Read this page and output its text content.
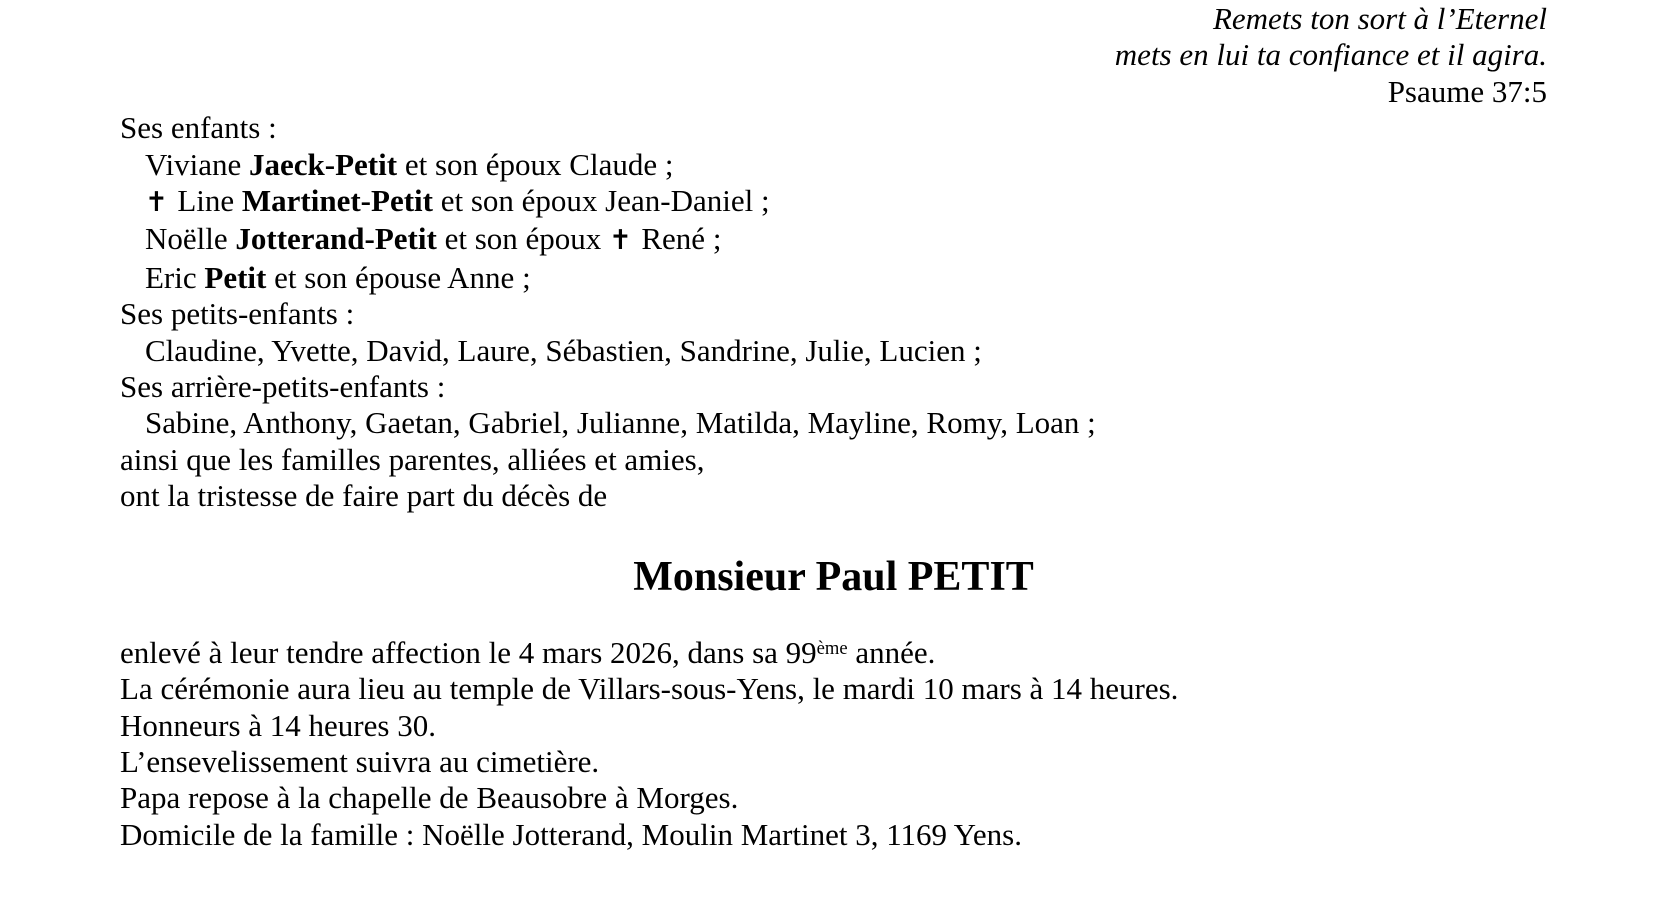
Remets ton sort à l’Eternel
mets en lui ta confiance et il agira.
Psaume 37:5
Ses enfants :
Viviane Jaeck-Petit et son époux Claude ;
✝ Line Martinet-Petit et son époux Jean-Daniel ;
Noëlle Jotterand-Petit et son époux ✝ René ;
Eric Petit et son épouse Anne ;
Ses petits-enfants :
Claudine, Yvette, David, Laure, Sébastien, Sandrine, Julie, Lucien ;
Ses arrière-petits-enfants :
Sabine, Anthony, Gaetan, Gabriel, Julianne, Matilda, Mayline, Romy, Loan ;
ainsi que les familles parentes, alliées et amies,
ont la tristesse de faire part du décès de
Monsieur Paul PETIT
enlevé à leur tendre affection le 4 mars 2026, dans sa 99ème année.
La cérémonie aura lieu au temple de Villars-sous-Yens, le mardi 10 mars à 14 heures.
Honneurs à 14 heures 30.
L’ensevelissement suivra au cimetière.
Papa repose à la chapelle de Beausobre à Morges.
Domicile de la famille : Noëlle Jotterand, Moulin Martinet 3, 1169 Yens.
